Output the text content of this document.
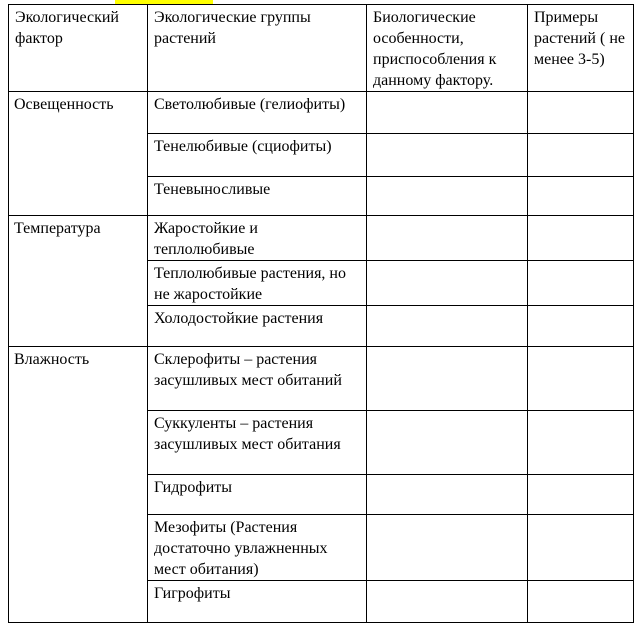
Экологический фактор	Экологические группы растений	Биологические особенности, приспособления к данному фактору.	Примеры растений ( не менее 3-5)
Освещенность	Светолюбивые (гелиофиты)		
	Тенелюбивые (сциофиты)		
	Теневыносливые		
Температура	Жаростойкие и теплолюбивые		
	Теплолюбивые растения, но не жаростойкие		
	Холодостойкие растения		
Влажность	Склерофиты – растения засушливых мест обитаний		
	Суккуленты – растения засушливых мест обитания		
	Гидрофиты		
	Мезофиты (Растения достаточно увлажненных мест обитания)		
	Гигрофиты		
